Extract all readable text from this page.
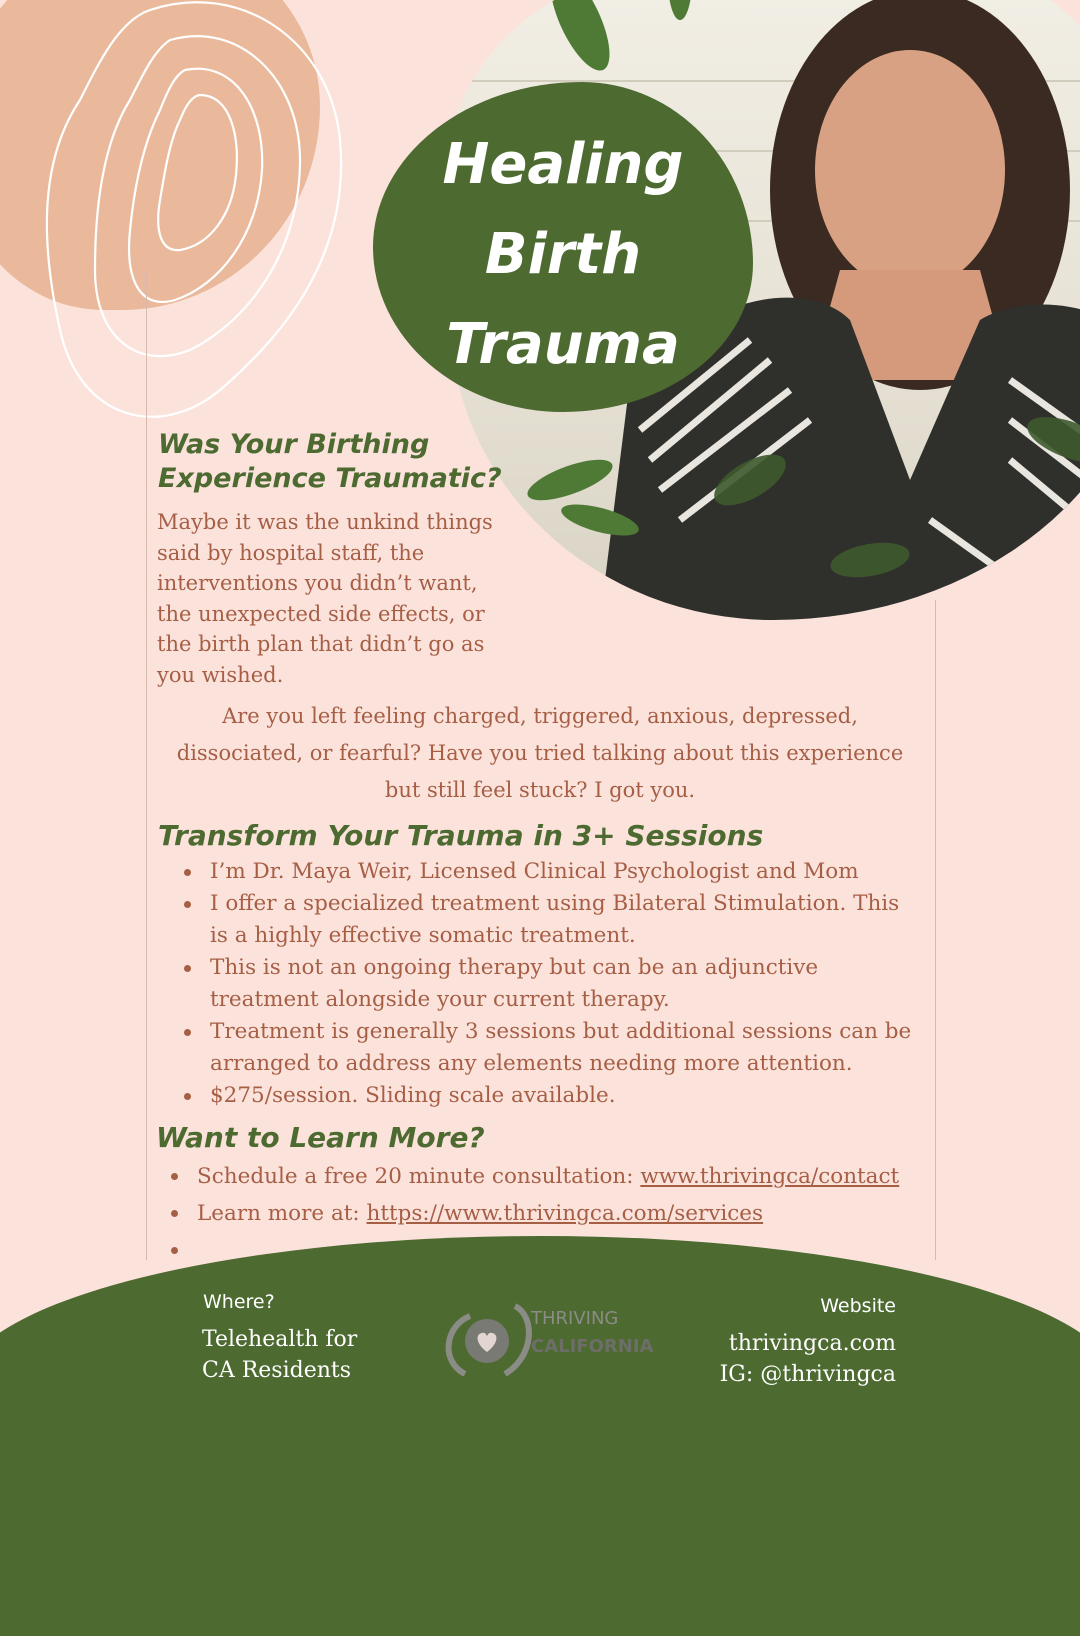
Healing
Birth
Trauma
Was Your Birthing Experience Traumatic?

Maybe it was the unkind things said by hospital staff, the interventions you didn’t want, the unexpected side effects, or the birth plan that didn’t go as you wished.

Are you left feeling charged, triggered, anxious, depressed, dissociated, or fearful? Have you tried talking about this experience but still feel stuck? I got you.

Transform Your Trauma in 3+ Sessions
I’m Dr. Maya Weir, Licensed Clinical Psychologist and Mom
I offer a specialized treatment using Bilateral Stimulation. This is a highly effective somatic treatment.
This is not an ongoing therapy but can be an adjunctive treatment alongside your current therapy.
Treatment is generally 3 sessions but additional sessions can be arranged to address any elements needing more attention.
$275/session. Sliding scale available.
Want to Learn More?
Schedule a free 20 minute consultation: www.thrivingca/contact
Learn more at: https://www.thrivingca.com/services
Where?
Telehealth for
CA Residents
THRIVING
CALIFORNIA
Website
thrivingca.com
IG: @thrivingca
